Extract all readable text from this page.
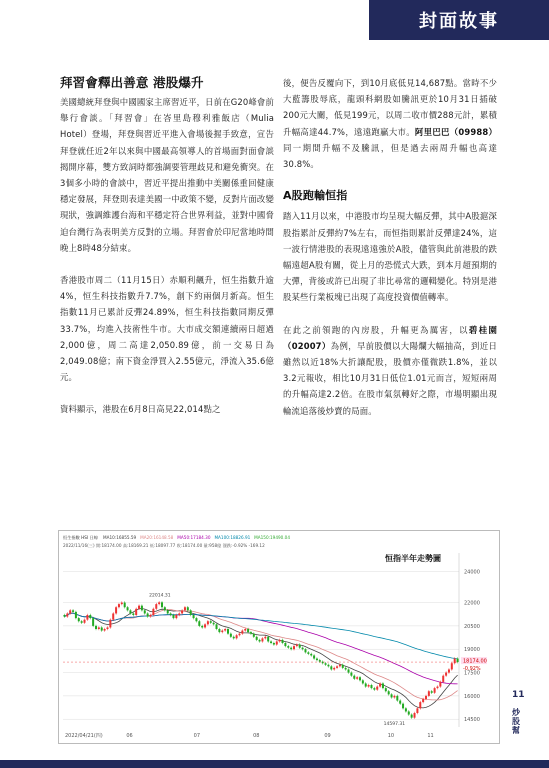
封面故事
拜習會釋出善意 港股爆升

美國總統拜登與中國國家主席習近平，日前在G20峰會前舉行會談。「拜習會」在峇里島穆利雅飯店（Mulia Hotel）登場，拜登與習近平進入會場後握手致意，宣告拜登就任近2年以來與中國最高領導人的首場面對面會談揭開序幕，雙方致詞時都強調要管理歧見和避免衝突。在3個多小時的會談中，習近平提出推動中美關係重回健康穩定發展，拜登則表達美國一中政策不變，反對片面改變現狀，強調維護台海和平穩定符合世界利益，並對中國脅迫台灣行為表明美方反對的立場。拜習會於印尼當地時間晚上8時48分結束。

香港股市周二（11月15日）赤順利飆升，恒生指數升逾4%，恒生科技指數升7.7%，創下約兩個月新高。恒生指數11月已累計反彈24.89%，恒生科技指數同期反彈33.7%，均進入技術性牛市。大市成交額連續兩日超過2,000億，周二高達2,050.89億，前一交易日為2,049.08億；南下資金淨買入2.55億元，淨流入35.6億元。

資料顯示，港股在6月8日高見22,014點之

後，便告反覆向下，到10月底低見14,687點。當時不少大藍籌股辱底，龍頭科網股如騰訊更於10月31日插破200元大關，低見199元，以周二收市價288元計，累積升幅高達44.7%，遠遠跑贏大市。阿里巴巴（09988）同一期間升幅不及騰訊，但是過去兩周升幅也高達30.8%。

A股跑輸恒指

踏入11月以來，中港股市均呈現大幅反彈，其中A股滬深股指累計反彈約7%左右，而恒指則累計反彈達24%，這一波行情港股的表現遠遠強於A股，儘管與此前港股的跌幅遠超A股有關，從上月的恐慌式大跌，到本月超預期的大彈，背後或許已出現了非比尋常的邏輯變化。特別是港股某些行業板塊已出現了高度投資價值轉率。

在此之前領跑的內房股，升幅更為厲害，以碧桂園（02007）為例，早前股價以大陽爛大幅抽高，到近日雖然以近18%大折讓配股，股價亦僅微跌1.8%，並以3.2元報收，相比10月31日低位1.01元而言，短短兩周的升幅高達2.2倍。在股市氣氛轉好之際，市場明顯出現輪流追落後炒賣的局面。

恒生指數 HSI 日線 MA10:16855.59 MA20:16148.58 MA50:17184.30 MA100:18826.91 MA150:19490.04
2022/11/16(三) 開:18174.00 高:18169.21 低:18097.77 收:18174.00 量:958億 漲跌:-0.92% -169.12
恒指半年走勢圖
24000
22000
20500
19000
17500
16000
14500
2022/04/21(四)	06	07	08	09	10	11
18174.00
-0.92%
22014.31
14597.31
11
炒股幫
